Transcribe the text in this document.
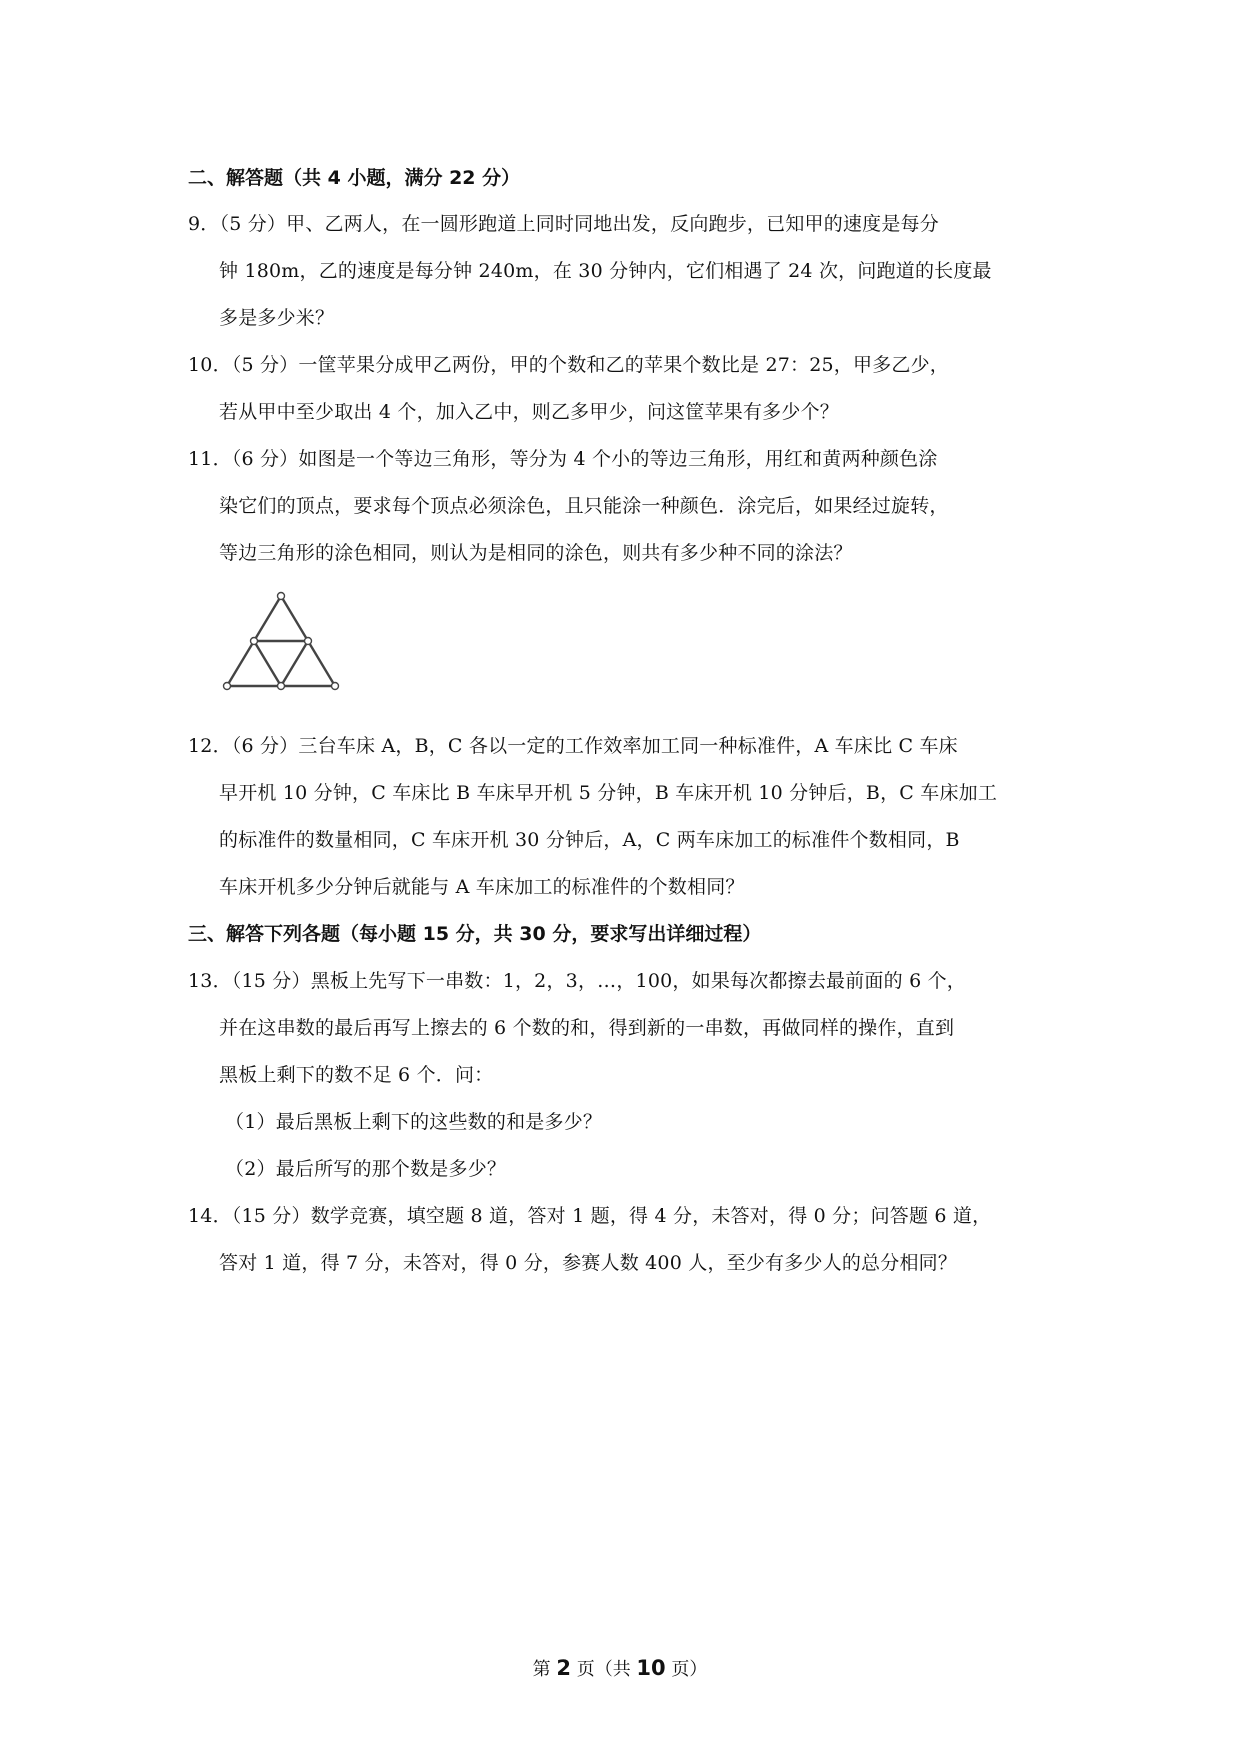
二、解答题（共 4 小题，满分 22 分）
9．（5 分）甲、乙两人，在一圆形跑道上同时同地出发，反向跑步，已知甲的速度是每分
钟 180m，乙的速度是每分钟 240m，在 30 分钟内，它们相遇了 24 次，问跑道的长度最
多是多少米？
10．（5 分）一筐苹果分成甲乙两份，甲的个数和乙的苹果个数比是 27：25，甲多乙少，
若从甲中至少取出 4 个，加入乙中，则乙多甲少，问这筐苹果有多少个？
11．（6 分）如图是一个等边三角形，等分为 4 个小的等边三角形，用红和黄两种颜色涂
染它们的顶点，要求每个顶点必须涂色，且只能涂一种颜色．涂完后，如果经过旋转，
等边三角形的涂色相同，则认为是相同的涂色，则共有多少种不同的涂法？
12．（6 分）三台车床 A，B，C 各以一定的工作效率加工同一种标准件，A 车床比 C 车床
早开机 10 分钟，C 车床比 B 车床早开机 5 分钟，B 车床开机 10 分钟后，B，C 车床加工
的标准件的数量相同，C 车床开机 30 分钟后，A，C 两车床加工的标准件个数相同，B
车床开机多少分钟后就能与 A 车床加工的标准件的个数相同？
三、解答下列各题（每小题 15 分，共 30 分，要求写出详细过程）
13．（15 分）黑板上先写下一串数：1，2，3，…，100，如果每次都擦去最前面的 6 个，
并在这串数的最后再写上擦去的 6 个数的和，得到新的一串数，再做同样的操作，直到
黑板上剩下的数不足 6 个．问：
（1）最后黑板上剩下的这些数的和是多少？
（2）最后所写的那个数是多少？
14．（15 分）数学竞赛，填空题 8 道，答对 1 题，得 4 分，未答对，得 0 分；问答题 6 道，
答对 1 道，得 7 分，未答对，得 0 分，参赛人数 400 人，至少有多少人的总分相同？
第 2 页（共 10 页）
